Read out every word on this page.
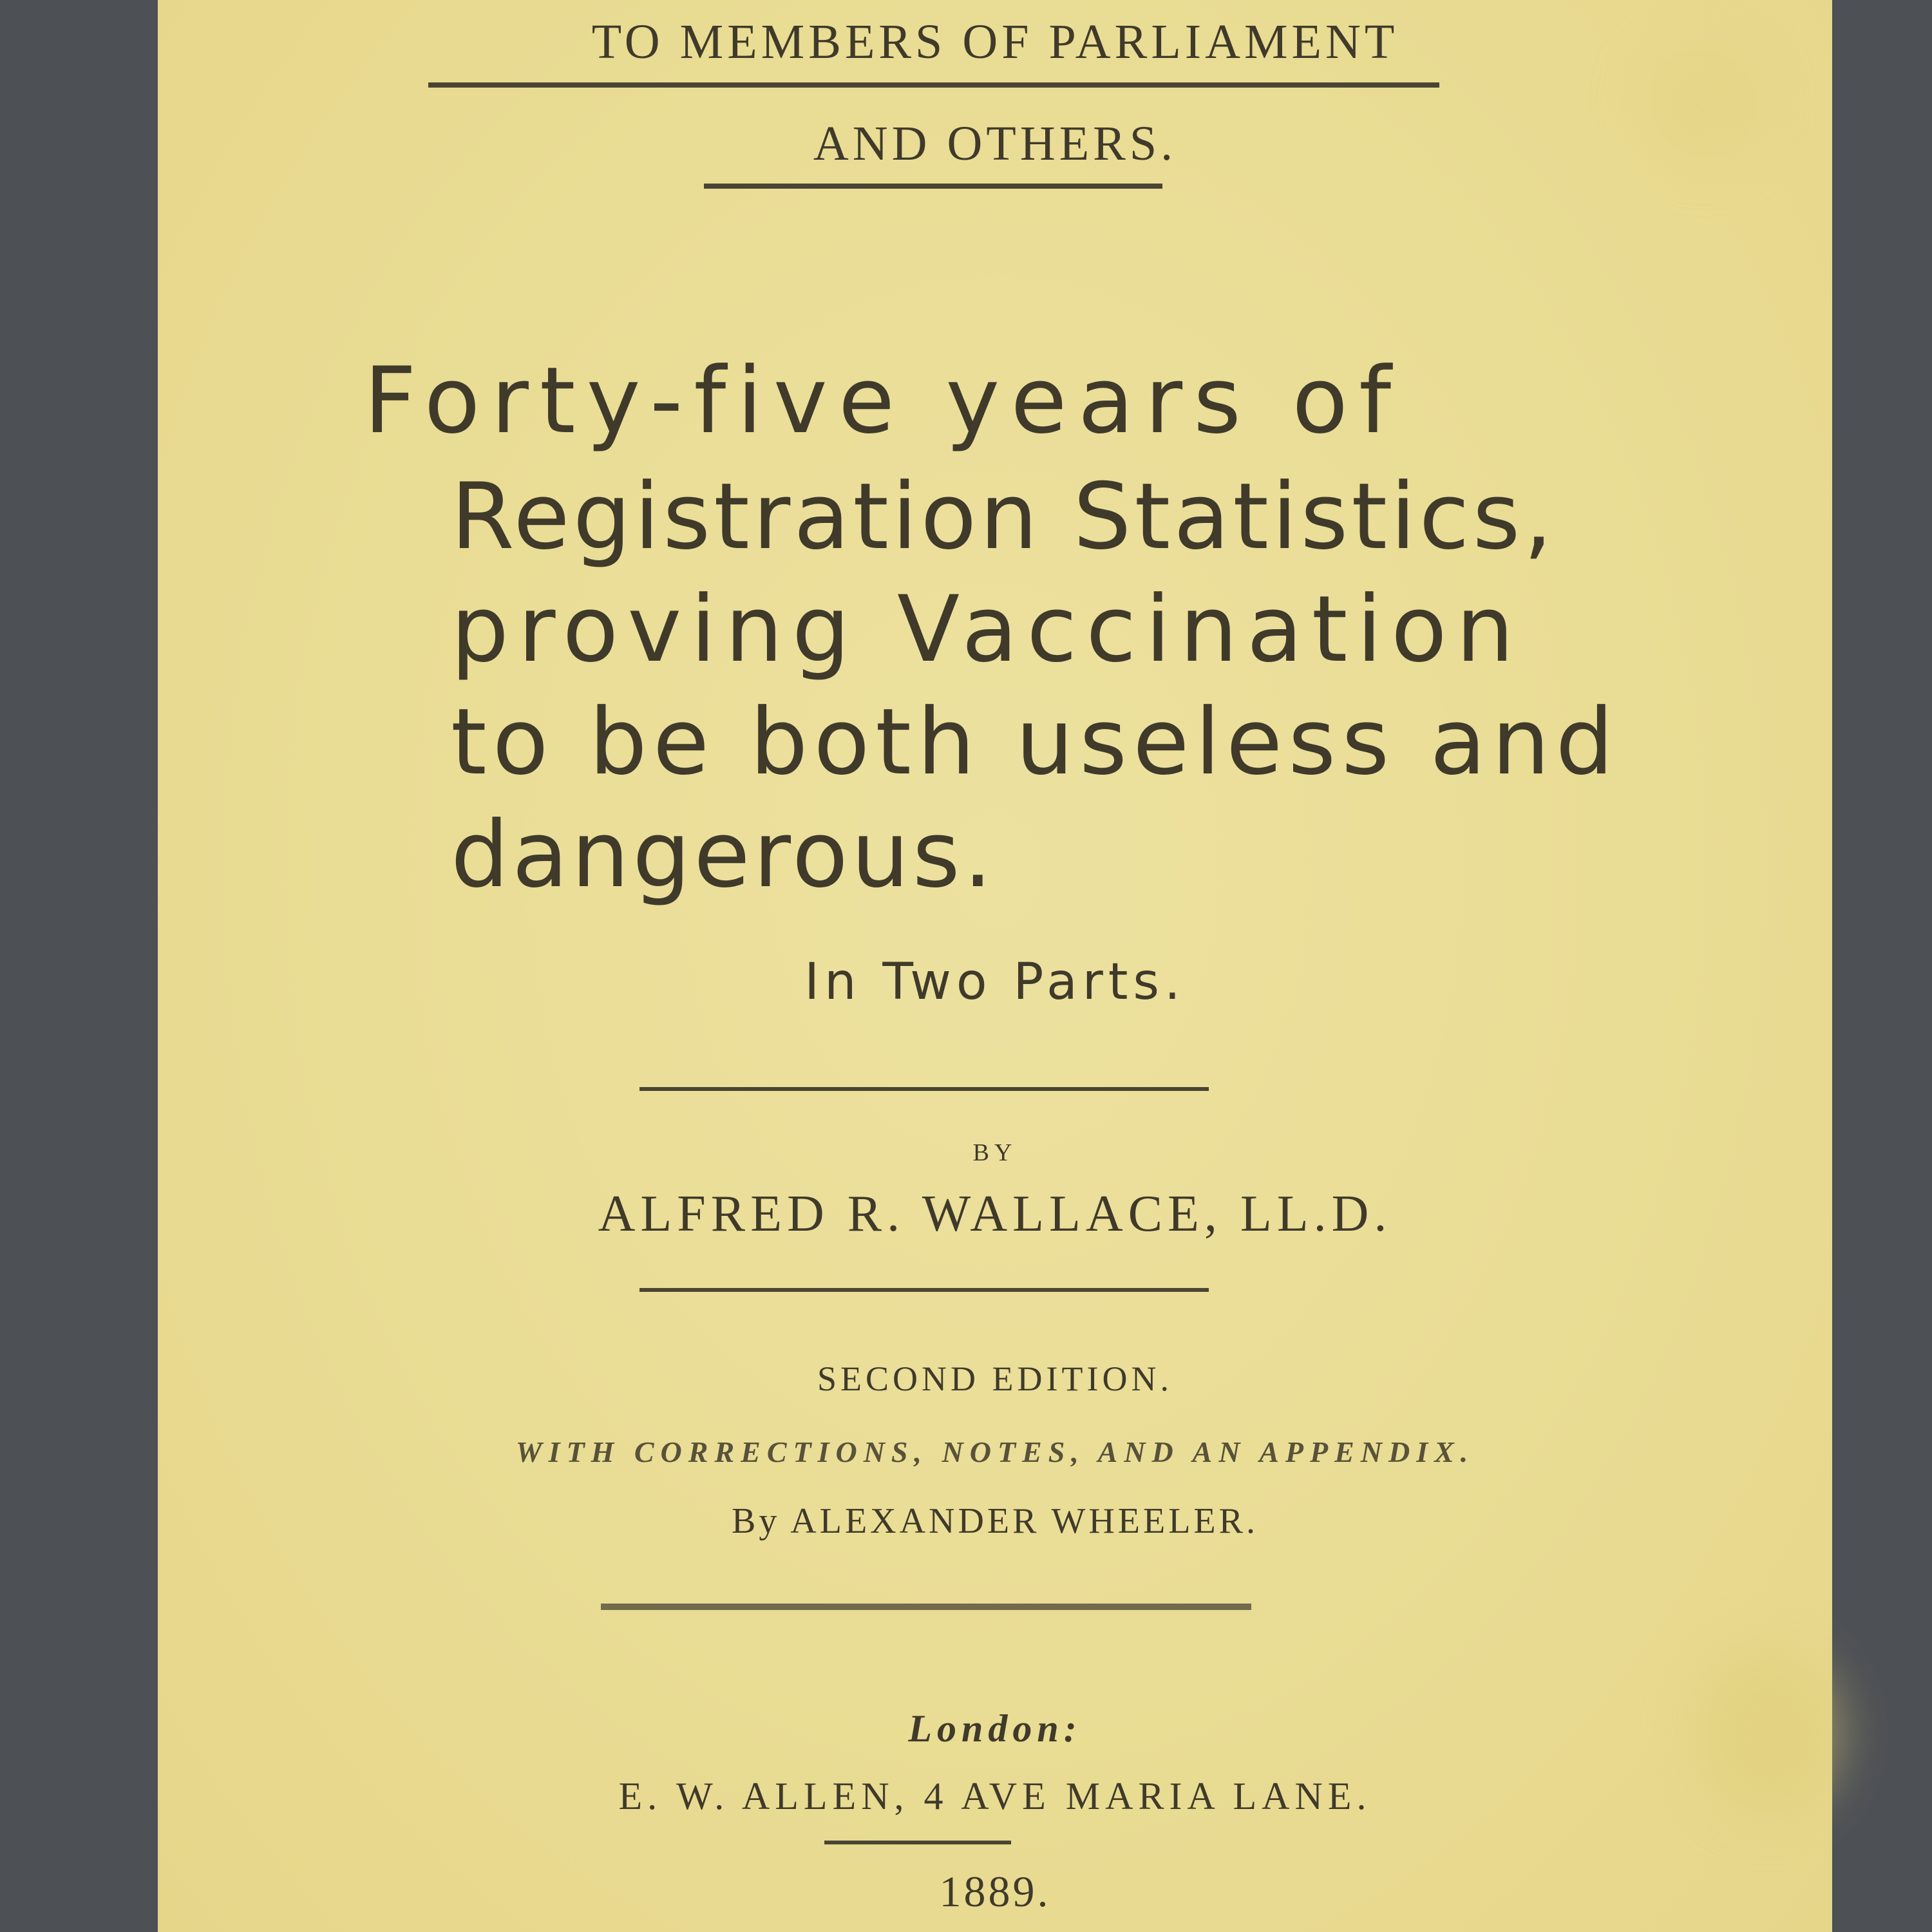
TO MEMBERS OF PARLIAMENT
AND OTHERS.
Forty-five years of
Registration Statistics,
proving Vaccination
to be both useless and
dangerous.
In Two Parts.
BY
ALFRED R. WALLACE, LL.D.
SECOND EDITION.
WITH CORRECTIONS, NOTES, AND AN APPENDIX.
By ALEXANDER WHEELER.
London:
E. W. ALLEN, 4 AVE MARIA LANE.
1889.
